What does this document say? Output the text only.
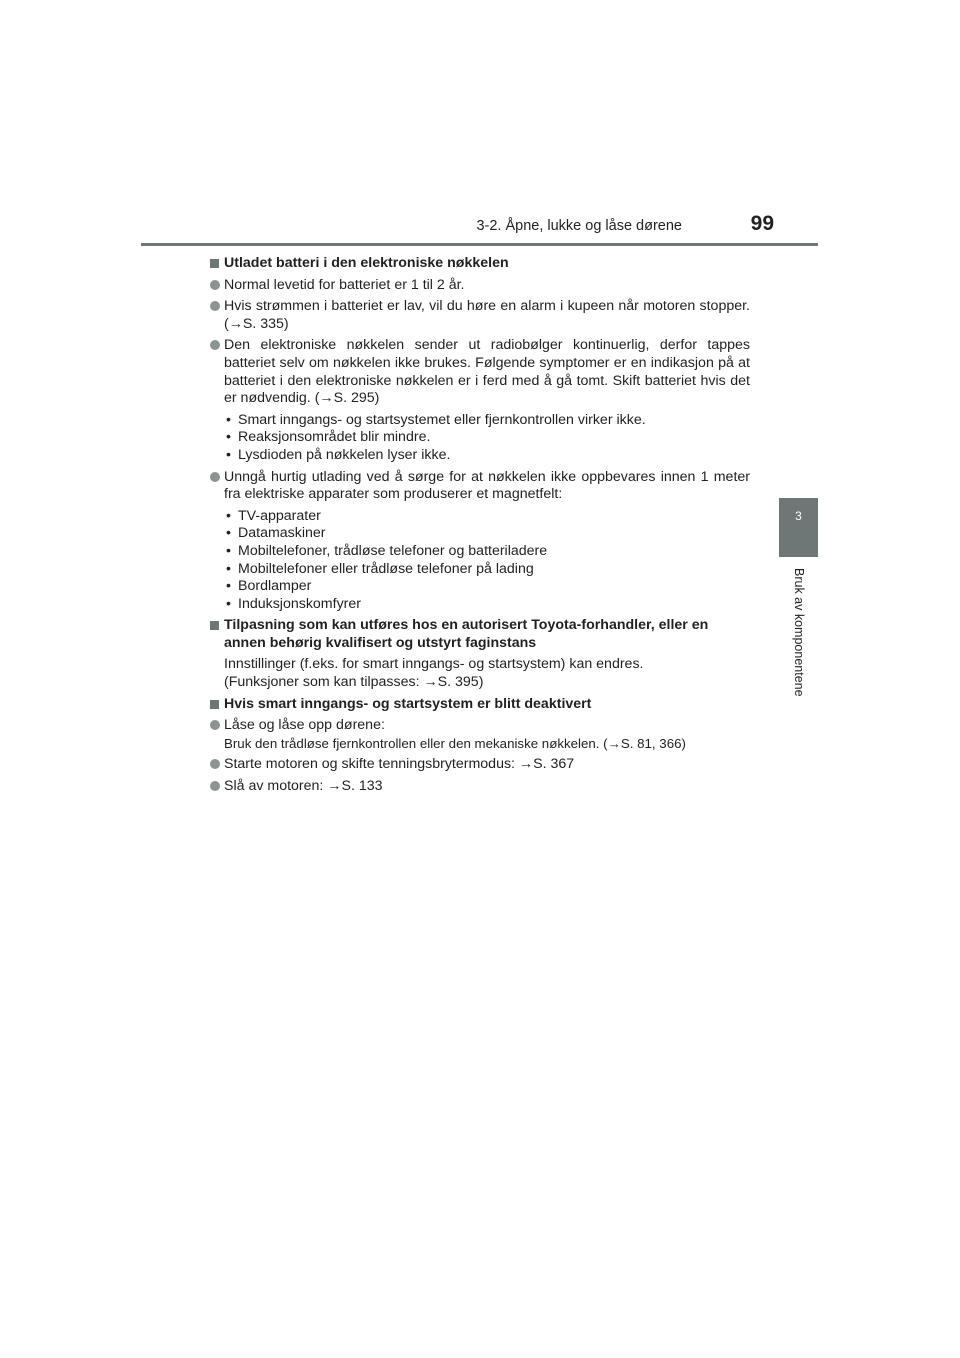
3-2. Åpne, lukke og låse dørene	99
3
Bruk av komponentene
Utladet batteri i den elektroniske nøkkelen
Normal levetid for batteriet er 1 til 2 år.
Hvis strømmen i batteriet er lav, vil du høre en alarm i kupeen når motoren stopper. (→S. 335)
Den elektroniske nøkkelen sender ut radiobølger kontinuerlig, derfor tappes batteriet selv om nøkkelen ikke brukes. Følgende symptomer er en indikasjon på at batteriet i den elektroniske nøkkelen er i ferd med å gå tomt. Skift batteriet hvis det er nødvendig. (→S. 295)
• Smart inngangs- og startsystemet eller fjernkontrollen virker ikke.
• Reaksjonsområdet blir mindre.
• Lysdioden på nøkkelen lyser ikke.
Unngå hurtig utlading ved å sørge for at nøkkelen ikke oppbevares innen 1 meter fra elektriske apparater som produserer et magnetfelt:
• TV-apparater
• Datamaskiner
• Mobiltelefoner, trådløse telefoner og batteriladere
• Mobiltelefoner eller trådløse telefoner på lading
• Bordlamper
• Induksjonskomfyrer
Tilpasning som kan utføres hos en autorisert Toyota-forhandler, eller en annen behørig kvalifisert og utstyrt faginstans
Innstillinger (f.eks. for smart inngangs- og startsystem) kan endres.
(Funksjoner som kan tilpasses: →S. 395)
Hvis smart inngangs- og startsystem er blitt deaktivert
Låse og låse opp dørene:
Bruk den trådløse fjernkontrollen eller den mekaniske nøkkelen. (→S. 81, 366)
Starte motoren og skifte tenningsbrytermodus: →S. 367
Slå av motoren: →S. 133
